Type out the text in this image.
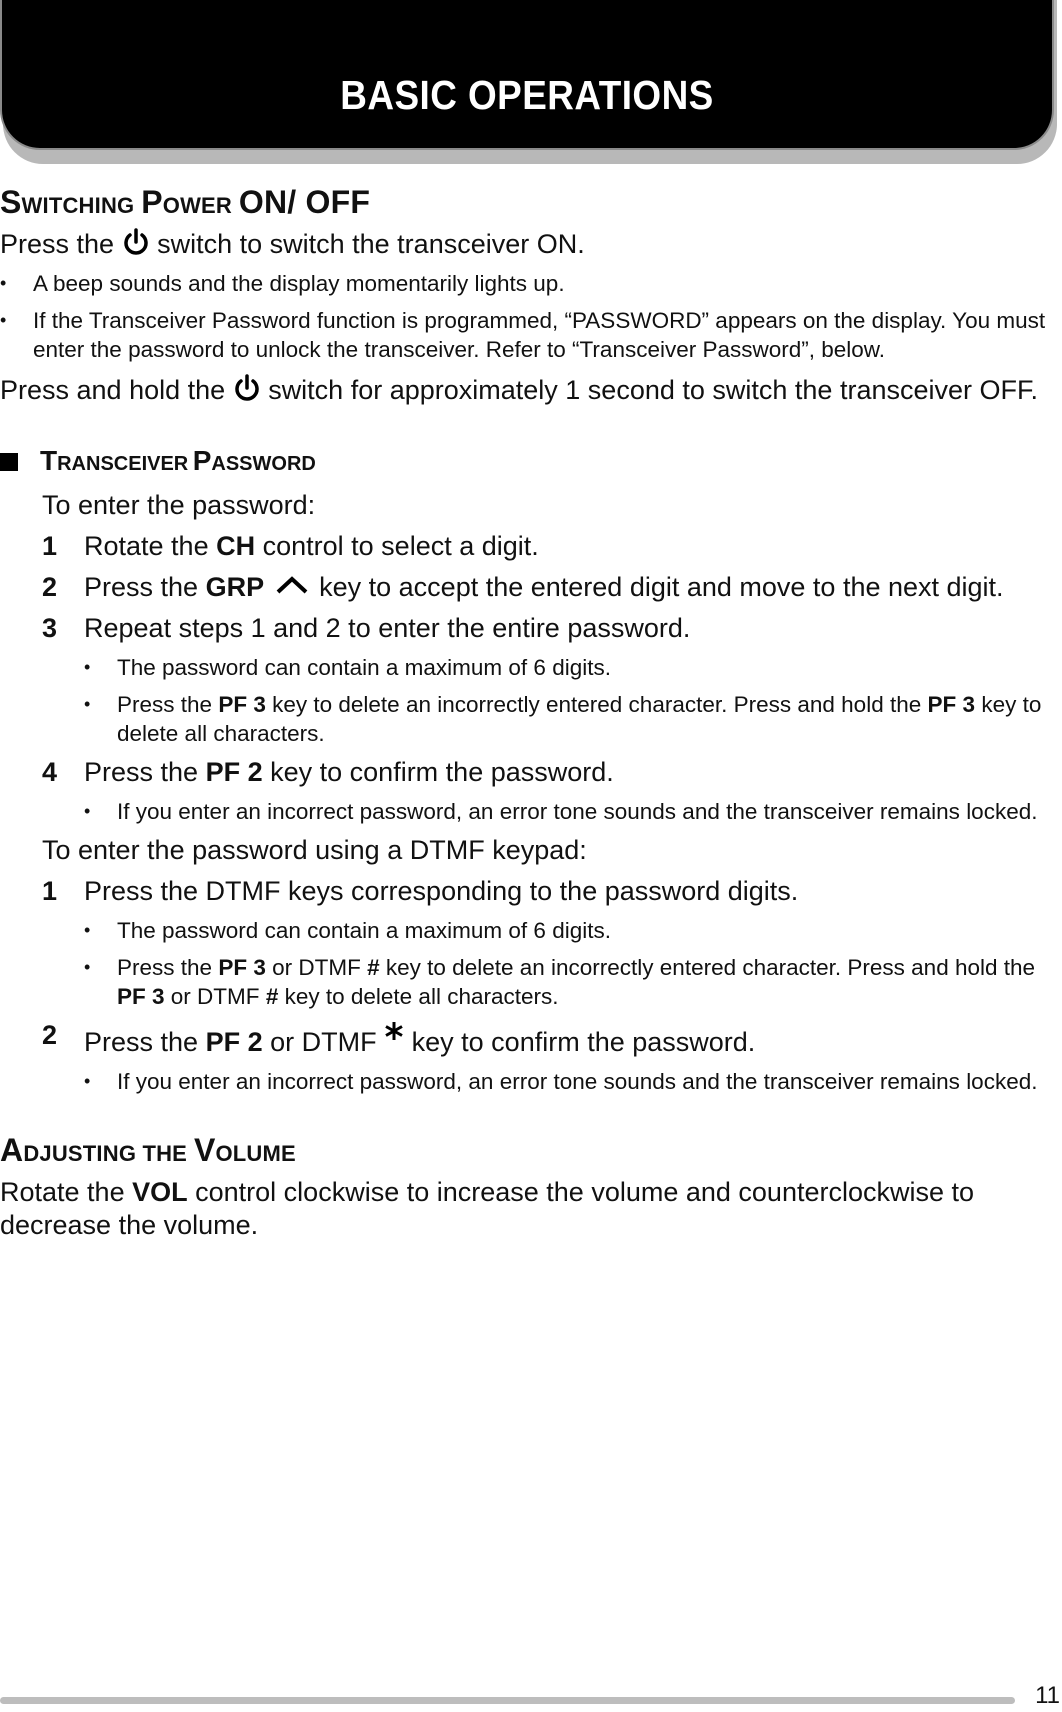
BASIC OPERATIONS
SWITCHING POWER ON/ OFF

Press the switch to switch the transceiver ON.

• A beep sounds and the display momentarily lights up.
• If the Transceiver Password function is programmed, “PASSWORD” appears on the display. You must enter the password to unlock the transceiver. Refer to “Transceiver Password”, below.

Press and hold the switch for approximately 1 second to switch the transceiver OFF.

TRANSCEIVER PASSWORD

To enter the password:

1 Rotate the CH control to select a digit.
2 Press the GRP key to accept the entered digit and move to the next digit.
3 Repeat steps 1 and 2 to enter the entire password.
• The password can contain a maximum of 6 digits.
• Press the PF 3 key to delete an incorrectly entered character. Press and hold the PF 3 key to delete all characters.
4 Press the PF 2 key to confirm the password.
• If you enter an incorrect password, an error tone sounds and the transceiver remains locked.

To enter the password using a DTMF keypad:

1 Press the DTMF keys corresponding to the password digits.
• The password can contain a maximum of 6 digits.
• Press the PF 3 or DTMF # key to delete an incorrectly entered character. Press and hold the PF 3 or DTMF # key to delete all characters.
2 Press the PF 2 or DTMF key to confirm the password.
• If you enter an incorrect password, an error tone sounds and the transceiver remains locked.
ADJUSTING THE VOLUME

Rotate the VOL control clockwise to increase the volume and counterclockwise to decrease the volume.

11
